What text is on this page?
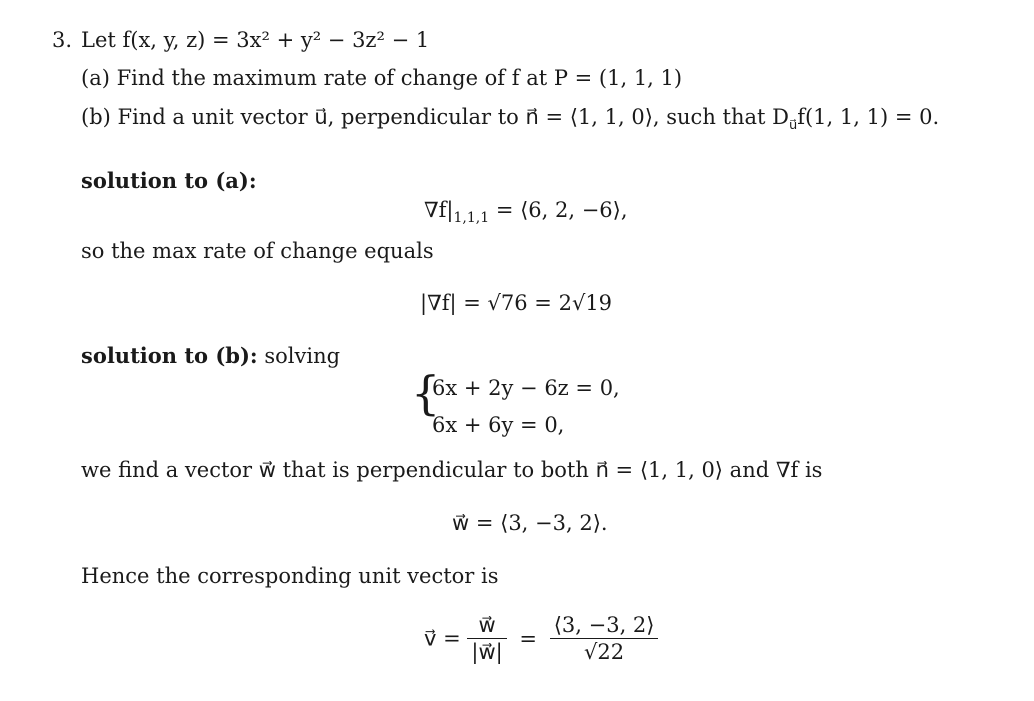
3. Let f(x, y, z) = 3x² + y² − 3z² − 1
(a) Find the maximum rate of change of f at P = (1, 1, 1)
(b) Find a unit vector u⃗, perpendicular to n⃗ = ⟨1, 1, 0⟩, such that $D_{u⃗}f(1$, 1, 1) = 0.
solution to (a):
$\nabla f|_{1,1,1}$ = ⟨6, 2, −6⟩,
so the max rate of change equals
|∇f| = √76 = 2√19
solution to (b): solving
{
6x + 2y − 6z = 0,
6x + 6y = 0,
we find a vector w⃗ that is perpendicular to both n⃗ = ⟨1, 1, 0⟩ and ∇f is
w⃗ = ⟨3, −3, 2⟩.
Hence the corresponding unit vector is
v⃗ = $\frac{w⃗}{|w⃗|} = \frac{⟨3, -3, 2⟩}{√22}$
